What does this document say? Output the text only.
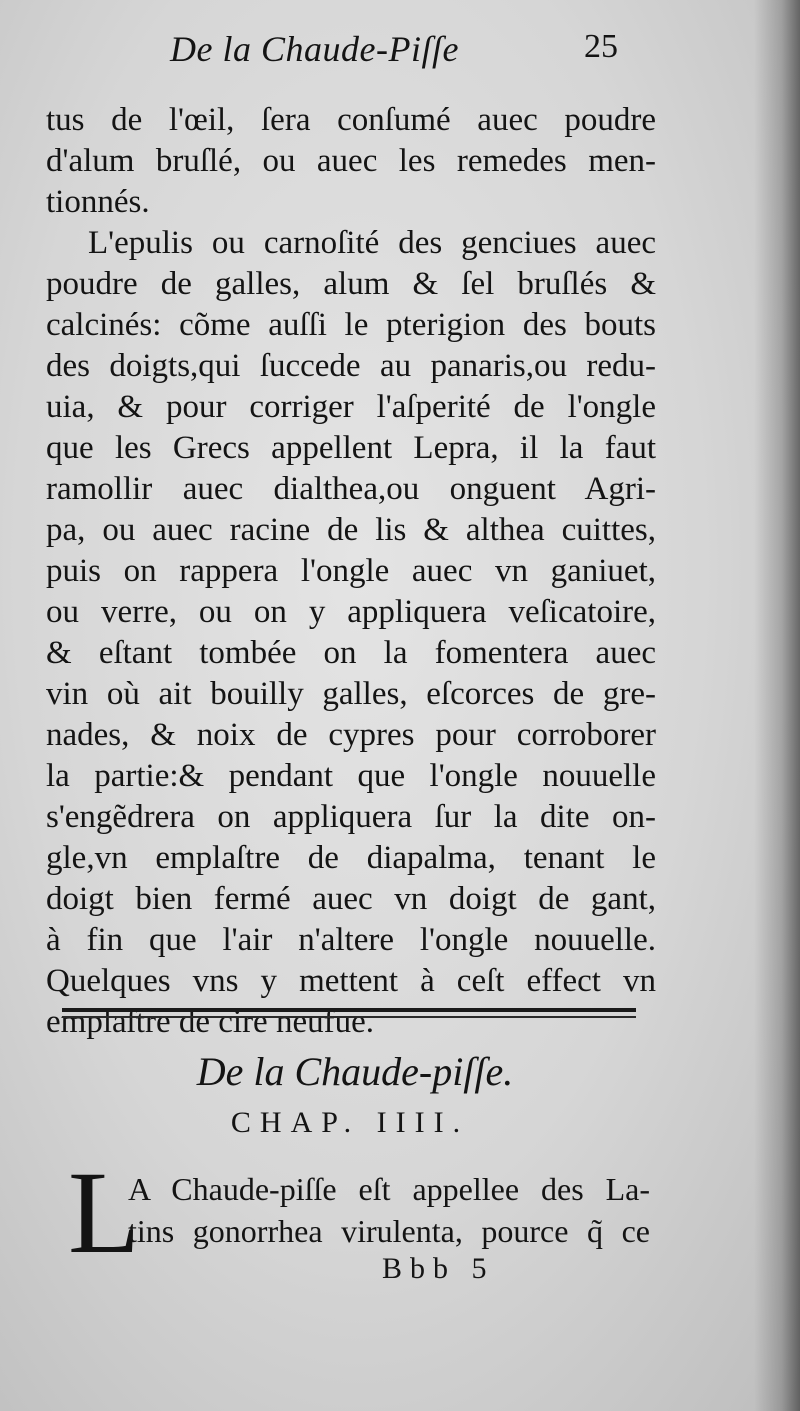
De la Chaude-Piſſe	25
tus de l'œil, ſera conſumé auec poudre
d'alum bruſlé, ou auec les remedes men-
tionnés.
L'epulis ou carnoſité des genciues auec
poudre de galles, alum & ſel bruſlés &
calcinés: cõme auſſi le pterigion des bouts
des doigts,qui ſuccede au panaris,ou redu-
uia, & pour corriger l'aſperité de l'ongle
que les Grecs appellent Lepra, il la faut
ramollir auec dialthea,ou onguent Agri-
pa, ou auec racine de lis & althea cuittes,
puis on rappera l'ongle auec vn ganiuet,
ou verre, ou on y appliquera veſicatoire,
& eſtant tombée on la fomentera auec
vin où ait bouilly galles, eſcorces de gre-
nades, & noix de cypres pour corroborer
la partie:& pendant que l'ongle nouuelle
s'engẽdrera on appliquera ſur la dite on-
gle,vn emplaſtre de diapalma, tenant le
doigt bien fermé auec vn doigt de gant,
à fin que l'air n'altere l'ongle nouuelle.
Quelques vns y mettent à ceſt effect vn
emplaſtre de cire neufue.
De la Chaude-piſſe.
CHAP. IIII.
L
A Chaude-piſſe eſt appellee des La-
tins gonorrhea virulenta, pource q̃ ce
Bbb 5
